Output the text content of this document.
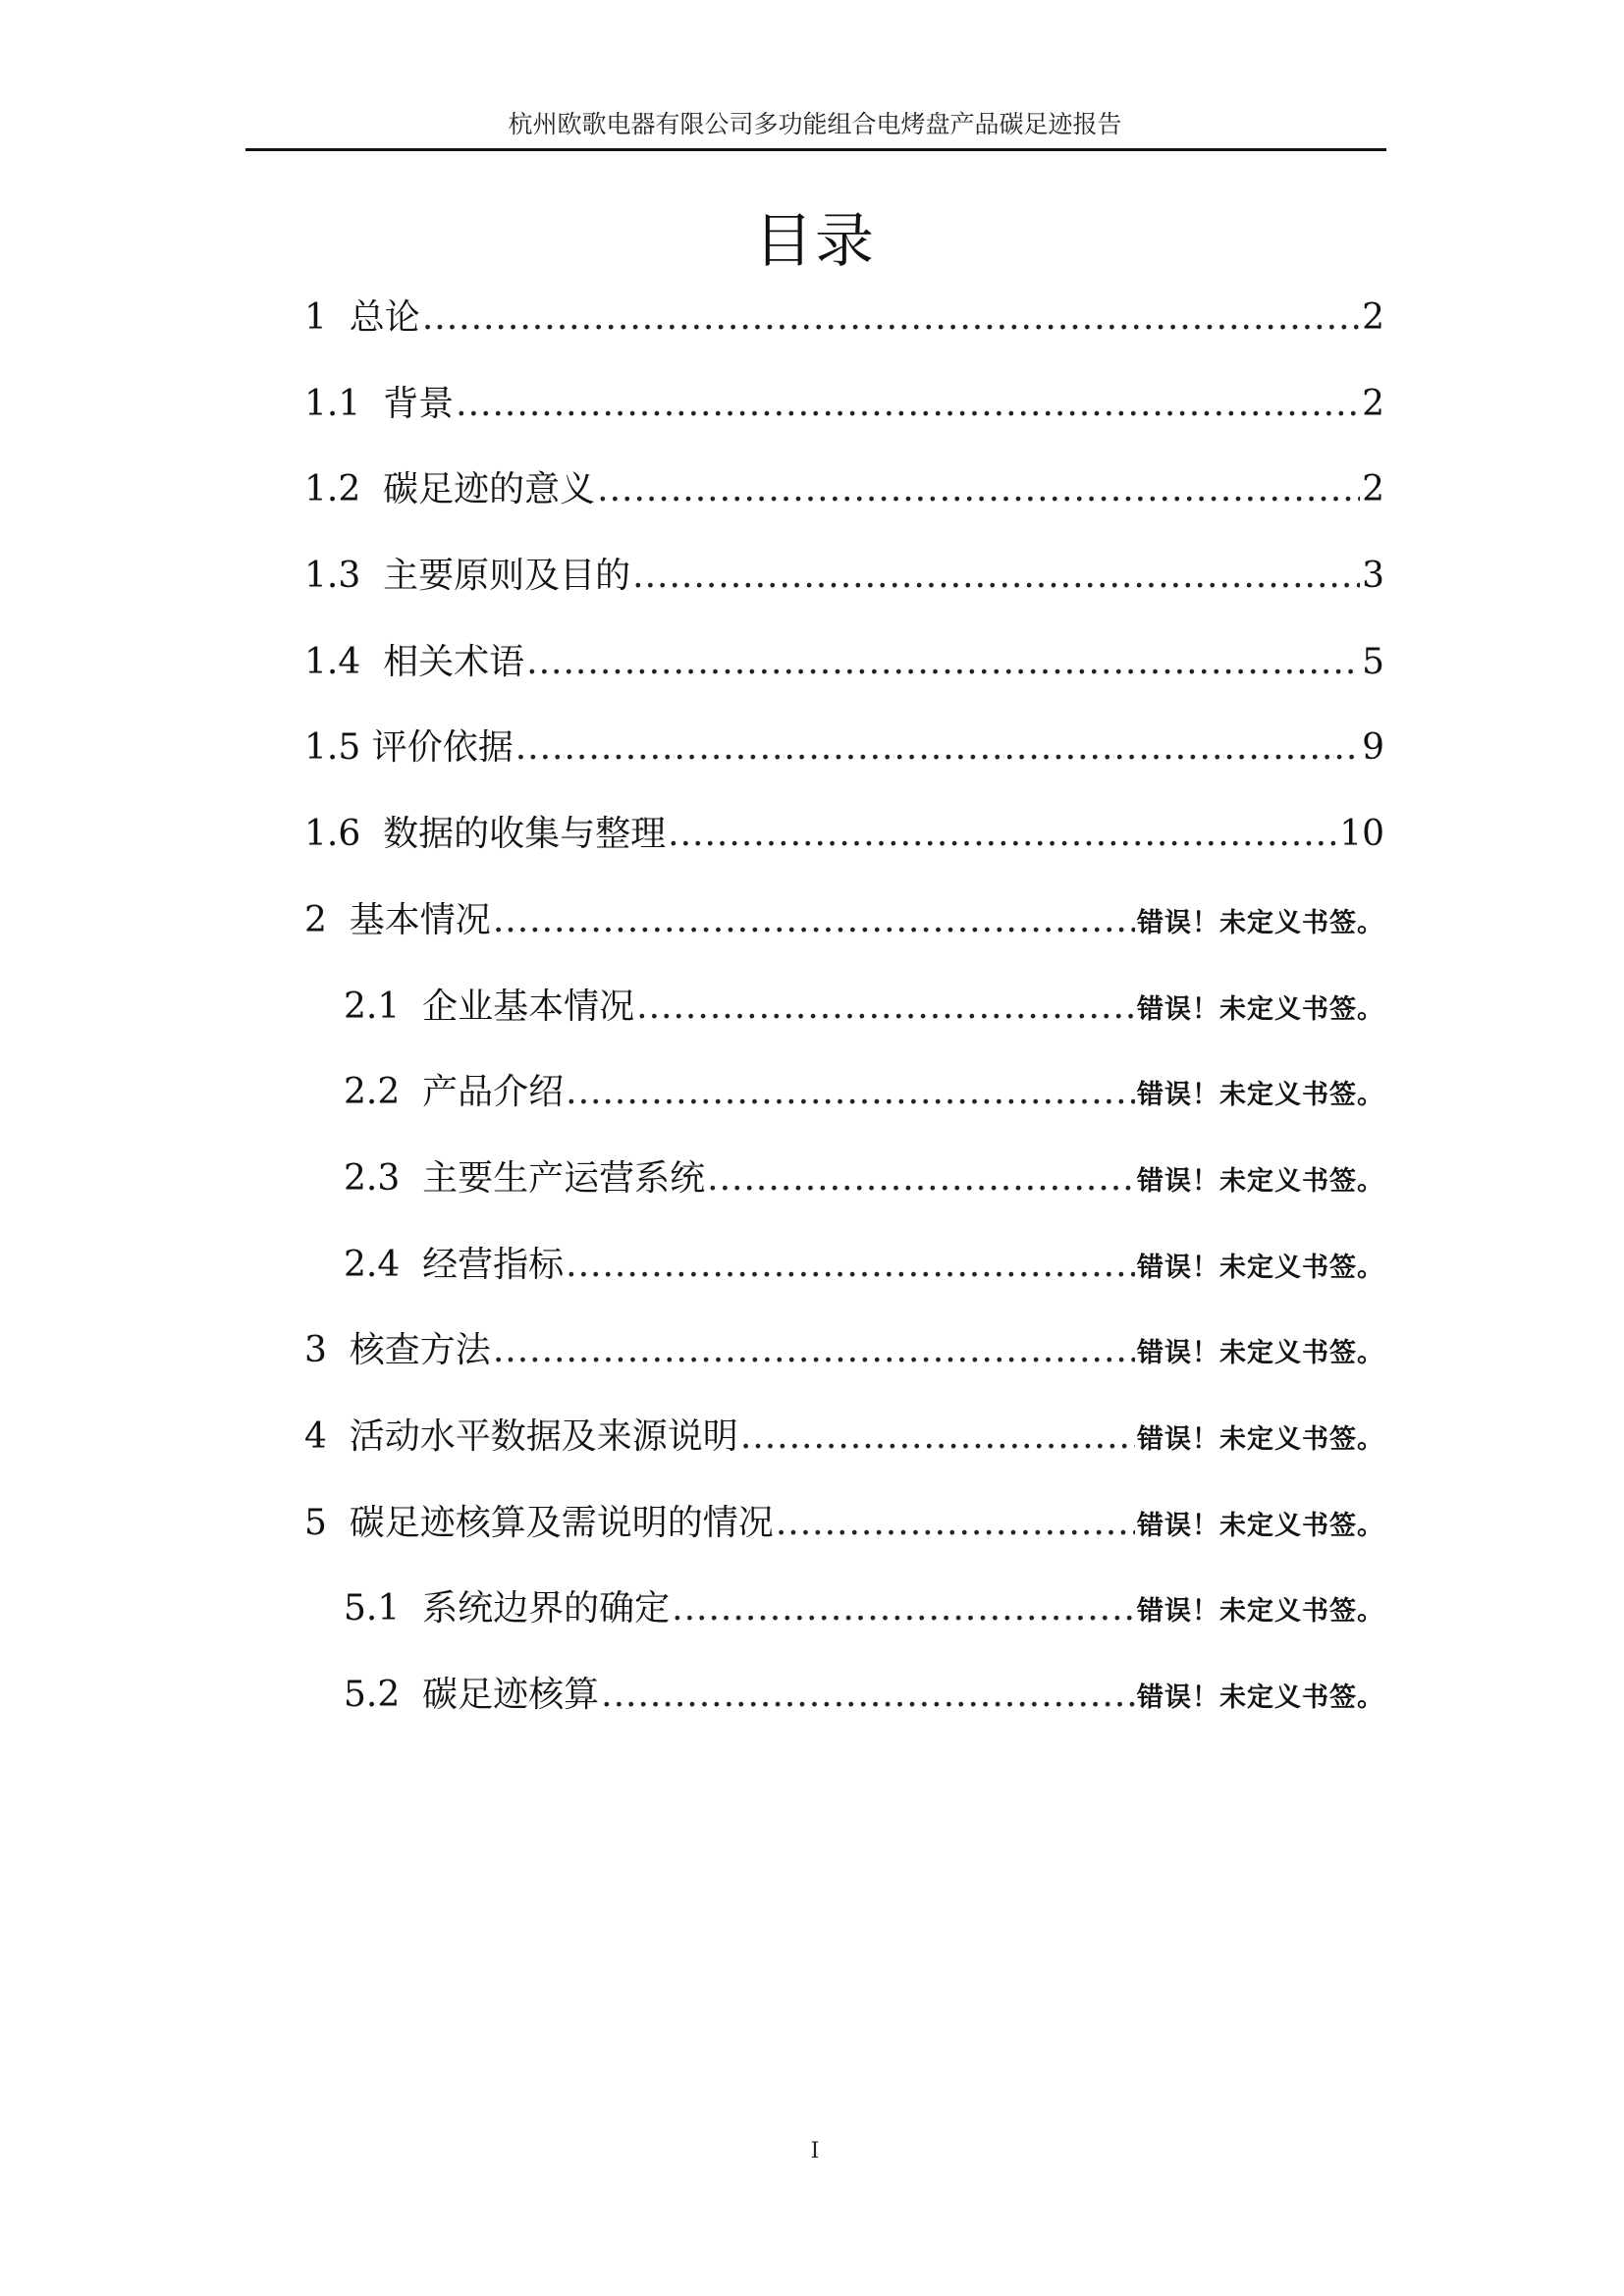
杭州欧歌电器有限公司多功能组合电烤盘产品碳足迹报告
目录
1 总论 .....	2
1.1 背景 .....	2
1.2 碳足迹的意义 .....	2
1.3 主要原则及目的 .....	3
1.4 相关术语 .....	5
1.5 评价依据 .....	9
1.6 数据的收集与整理 .....	10
2 基本情况 .....	错误！未定义书签。
2.1 企业基本情况 .....	错误！未定义书签。
2.2 产品介绍 .....	错误！未定义书签。
2.3 主要生产运营系统 .....	错误！未定义书签。
2.4 经营指标 .....	错误！未定义书签。
3 核查方法 .....	错误！未定义书签。
4 活动水平数据及来源说明 .....	错误！未定义书签。
5 碳足迹核算及需说明的情况 .....	错误！未定义书签。
5.1 系统边界的确定 .....	错误！未定义书签。
5.2 碳足迹核算 .....	错误！未定义书签。
I
